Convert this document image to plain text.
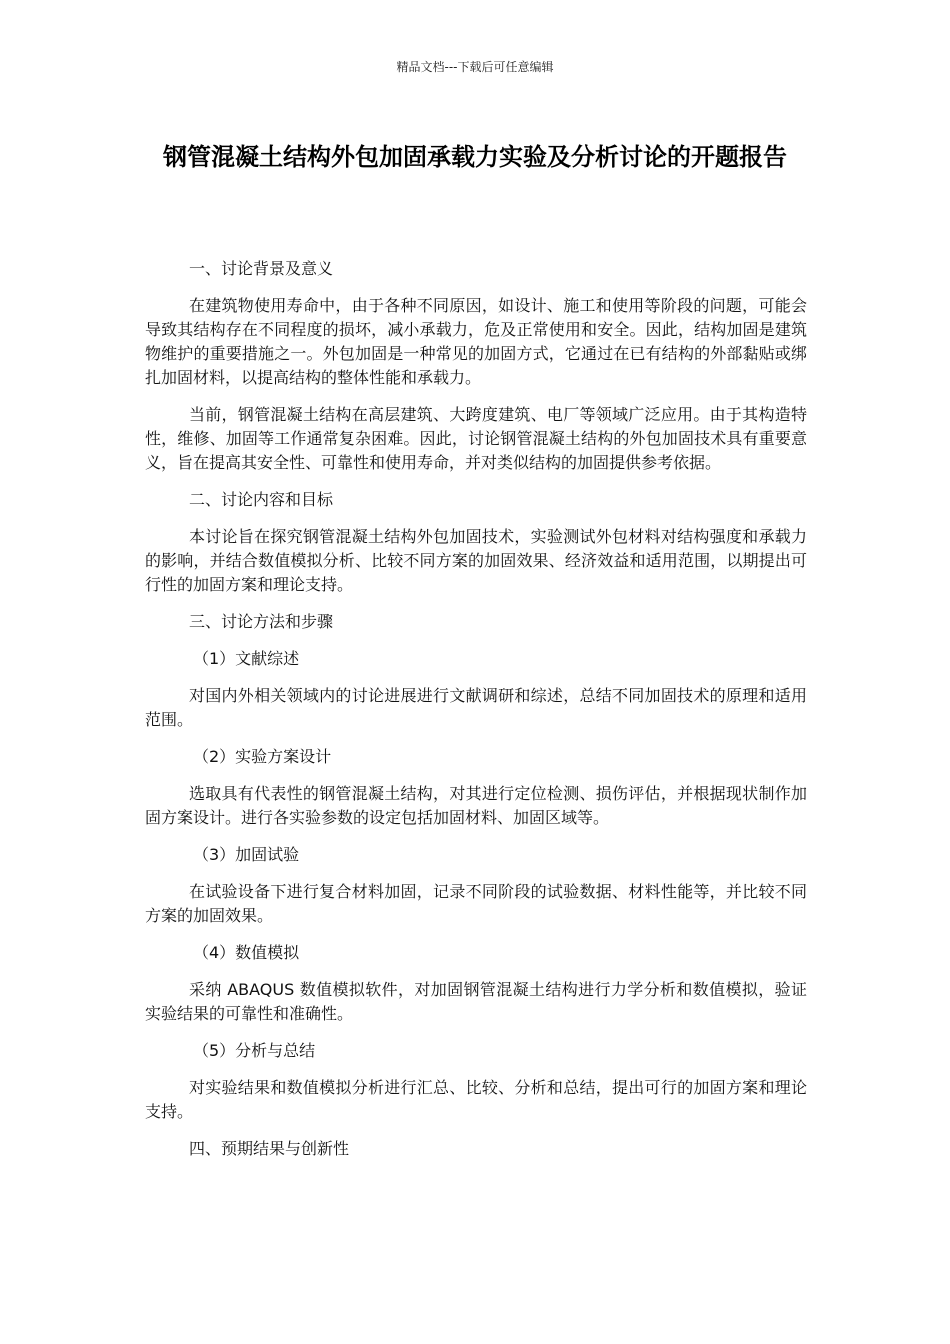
精品文档---下载后可任意编辑
钢管混凝土结构外包加固承载力实验及分析讨论的开题报告
一、讨论背景及意义

在建筑物使用寿命中，由于各种不同原因，如设计、施工和使用等阶段的问题，可能会导致其结构存在不同程度的损坏，减小承载力，危及正常使用和安全。因此，结构加固是建筑物维护的重要措施之一。外包加固是一种常见的加固方式，它通过在已有结构的外部黏贴或绑扎加固材料，以提高结构的整体性能和承载力。

当前，钢管混凝土结构在高层建筑、大跨度建筑、电厂等领域广泛应用。由于其构造特性，维修、加固等工作通常复杂困难。因此，讨论钢管混凝土结构的外包加固技术具有重要意义，旨在提高其安全性、可靠性和使用寿命，并对类似结构的加固提供参考依据。

二、讨论内容和目标

本讨论旨在探究钢管混凝土结构外包加固技术，实验测试外包材料对结构强度和承载力的影响，并结合数值模拟分析、比较不同方案的加固效果、经济效益和适用范围，以期提出可行性的加固方案和理论支持。

三、讨论方法和步骤
（1）文献综述

对国内外相关领域内的讨论进展进行文献调研和综述，总结不同加固技术的原理和适用范围。

（2）实验方案设计

选取具有代表性的钢管混凝土结构，对其进行定位检测、损伤评估，并根据现状制作加固方案设计。进行各实验参数的设定包括加固材料、加固区域等。

（3）加固试验

在试验设备下进行复合材料加固，记录不同阶段的试验数据、材料性能等，并比较不同方案的加固效果。

（4）数值模拟

采纳 ABAQUS 数值模拟软件，对加固钢管混凝土结构进行力学分析和数值模拟，验证实验结果的可靠性和准确性。

（5）分析与总结

对实验结果和数值模拟分析进行汇总、比较、分析和总结，提出可行的加固方案和理论支持。

四、预期结果与创新性
